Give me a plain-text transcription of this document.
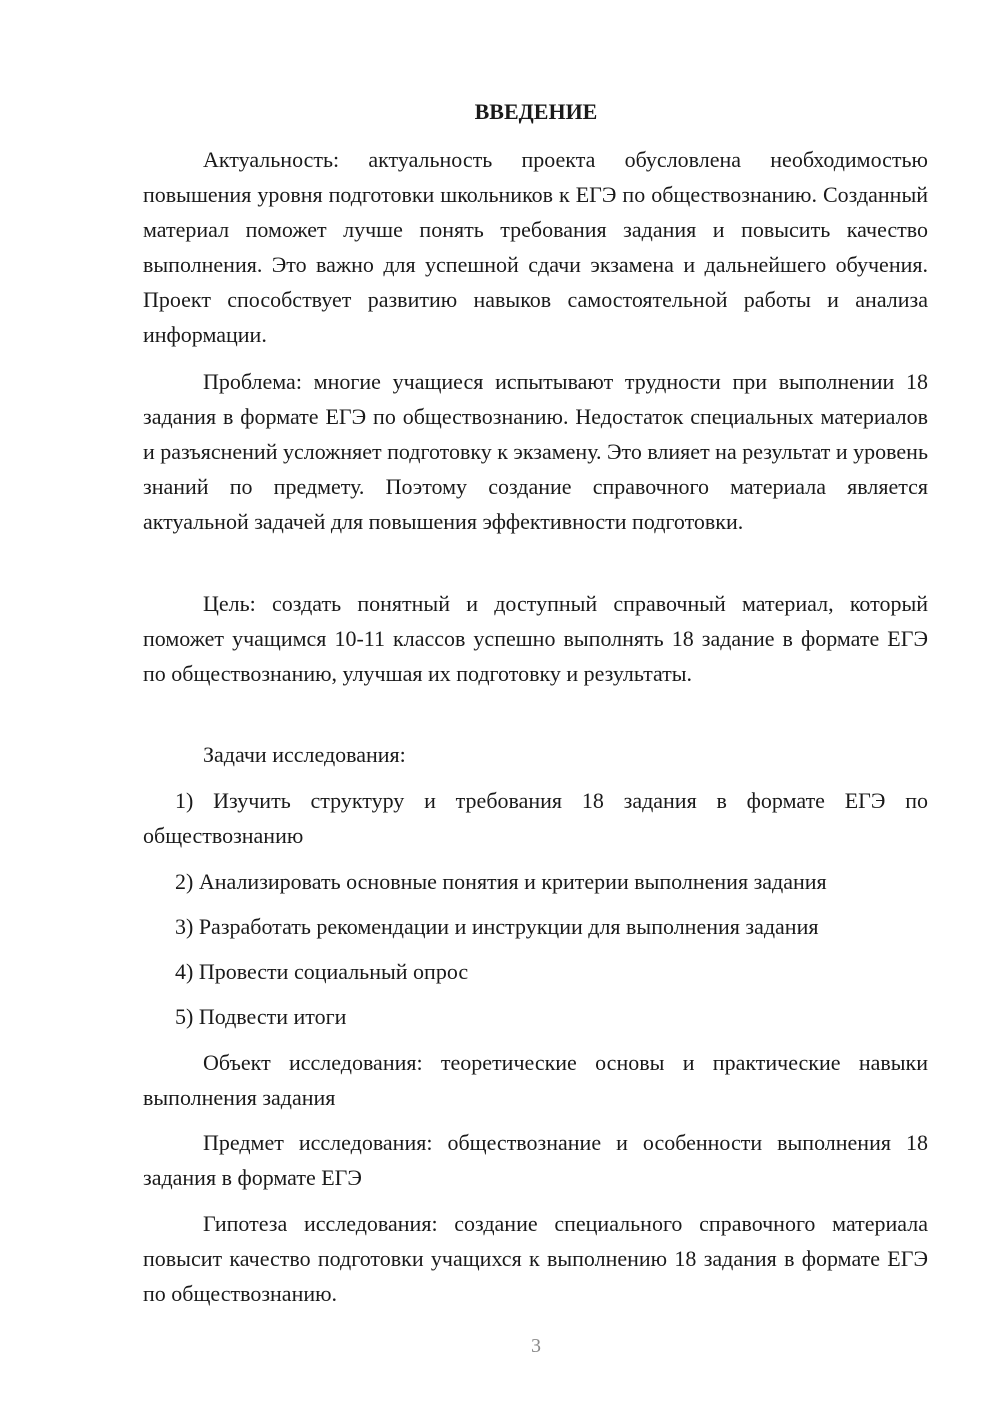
ВВЕДЕНИЕ

Актуальность: актуальность проекта обусловлена необходимостью повышения уровня подготовки школьников к ЕГЭ по обществознанию. Созданный материал поможет лучше понять требования задания и повысить качество выполнения. Это важно для успешной сдачи экзамена и дальнейшего обучения. Проект способствует развитию навыков самостоятельной работы и анализа информации.

Проблема: многие учащиеся испытывают трудности при выполнении 18 задания в формате ЕГЭ по обществознанию. Недостаток специальных материалов и разъяснений усложняет подготовку к экзамену. Это влияет на результат и уровень знаний по предмету. Поэтому создание справочного материала является актуальной задачей для повышения эффективности подготовки.

Цель: создать понятный и доступный справочный материал, который поможет учащимся 10-11 классов успешно выполнять 18 задание в формате ЕГЭ по обществознанию, улучшая их подготовку и результаты.

Задачи исследования:

1) Изучить структуру и требования 18 задания в формате ЕГЭ по обществознанию

2) Анализировать основные понятия и критерии выполнения задания

3) Разработать рекомендации и инструкции для выполнения задания

4) Провести социальный опрос

5) Подвести итоги

Объект исследования: теоретические основы и практические навыки выполнения задания

Предмет исследования: обществознание и особенности выполнения 18 задания в формате ЕГЭ

Гипотеза исследования: создание специального справочного материала повысит качество подготовки учащихся к выполнению 18 задания в формате ЕГЭ по обществознанию.

3
